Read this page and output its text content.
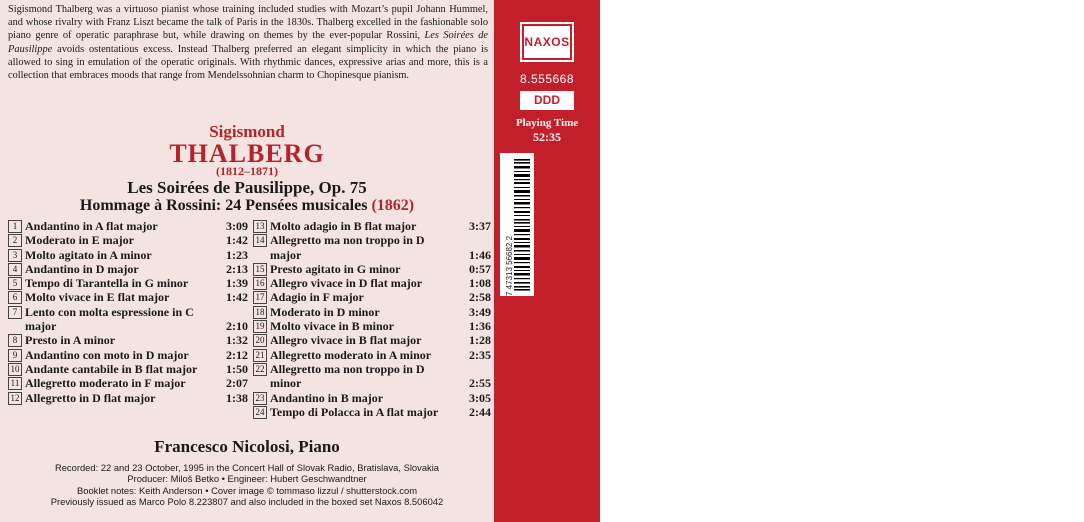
Sigismond Thalberg was a virtuoso pianist whose training included studies with Mozart’s pupil Johann Hummel, and whose rivalry with Franz Liszt became the talk of Paris in the 1830s. Thalberg excelled in the fashionable solo piano genre of operatic paraphrase but, while drawing on themes by the ever-popular Rossini, Les Soirées de Pausilippe avoids ostentatious excess. Instead Thalberg preferred an elegant simplicity in which the piano is allowed to sing in emulation of the operatic originals. With rhythmic dances, expressive arias and more, this is a collection that embraces moods that range from Mendelssohnian charm to Chopinesque pianism.
Sigismond
THALBERG
(1812–1871)
Les Soirées de Pausilippe, Op. 75
Hommage à Rossini: 24 Pensées musicales (1862)
1 Andantino in A flat major	3:09
2 Moderato in E major	1:42
3 Molto agitato in A minor	1:23
4 Andantino in D major	2:13
5 Tempo di Tarantella in G minor	1:39
6 Molto vivace in E flat major	1:42
7 Lento con molta espressione in C major	2:10
8 Presto in A minor	1:32
9 Andantino con moto in D major	2:12
10 Andante cantabile in B flat major	1:50
11 Allegretto moderato in F major	2:07
12 Allegretto in D flat major	1:38
13 Molto adagio in B flat major	3:37
14 Allegretto ma non troppo in D major	1:46
15 Presto agitato in G minor	0:57
16 Allegro vivace in D flat major	1:08
17 Adagio in F major	2:58
18 Moderato in D minor	3:49
19 Molto vivace in B minor	1:36
20 Allegro vivace in B flat major	1:28
21 Allegretto moderato in A minor	2:35
22 Allegretto ma non troppo in D minor	2:55
23 Andantino in B major	3:05
24 Tempo di Polacca in A flat major	2:44
Francesco Nicolosi, Piano
Recorded: 22 and 23 October, 1995 in the Concert Hall of Slovak Radio, Bratislava, Slovakia
Producer: Miloš Betko • Engineer: Hubert Geschwandtner
Booklet notes: Keith Anderson • Cover image © tommaso lizzul / shutterstock.com
Previously issued as Marco Polo 8.223807 and also included in the boxed set Naxos 8.506042
NAXOS
8.555668
DDD
Playing Time
52:35
Made in Germany Booklet notes in English www.naxos.com ℗ 1997 & © 2022 Naxos Rights US, Inc.
7 47313 56682 2
